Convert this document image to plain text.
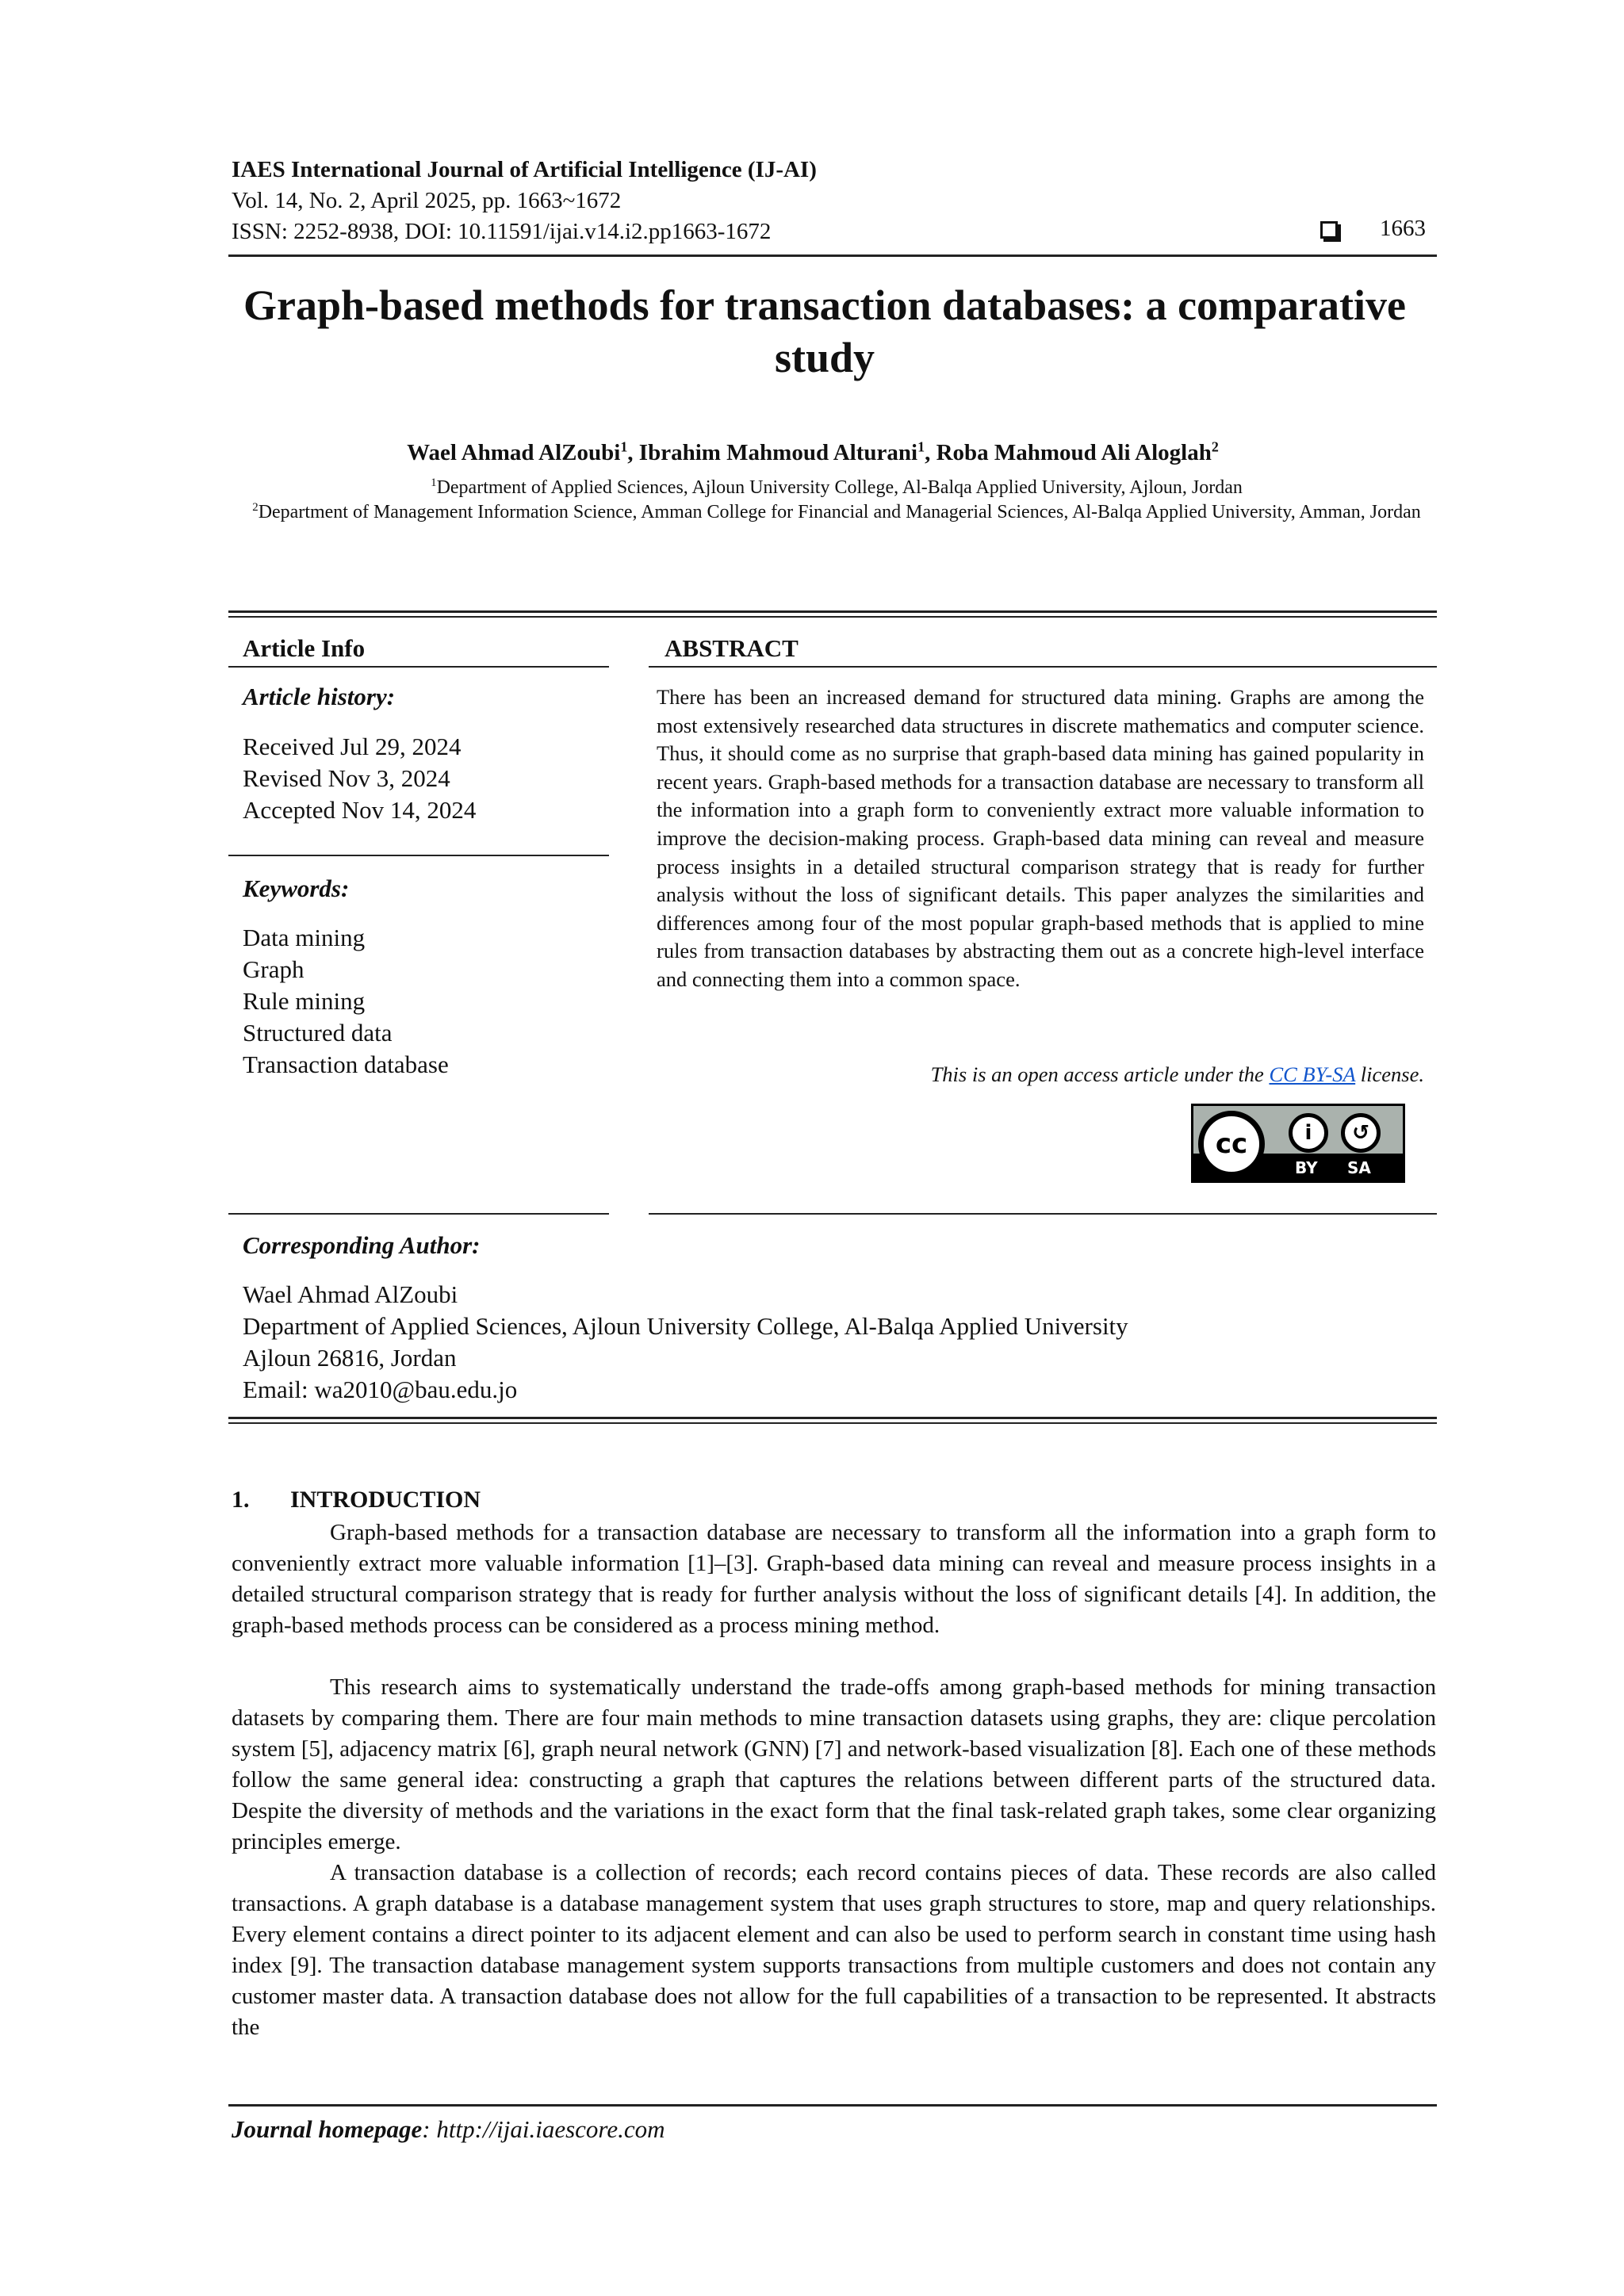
IAES International Journal of Artificial Intelligence (IJ-AI)
Vol. 14, No. 2, April 2025, pp. 1663~1672
ISSN: 2252-8938, DOI: 10.11591/ijai.v14.i2.pp1663-1672	1663
Graph-based methods for transaction databases: a comparative study
Wael Ahmad AlZoubi$^1$, Ibrahim Mahmoud Alturani$^1$, Roba Mahmoud Ali Aloglah$^2$
$^1$Department of Applied Sciences, Ajloun University College, Al-Balqa Applied University, Ajloun, Jordan
$^2$Department of Management Information Science, Amman College for Financial and Managerial Sciences, Al-Balqa Applied University, Amman, Jordan
Article Info
Article history:
Received Jul 29, 2024
Revised Nov 3, 2024
Accepted Nov 14, 2024
Keywords:
Data mining
Graph
Rule mining
Structured data
Transaction database
ABSTRACT
There has been an increased demand for structured data mining. Graphs are among the most extensively researched data structures in discrete mathematics and computer science. Thus, it should come as no surprise that graph-based data mining has gained popularity in recent years. Graph-based methods for a transaction database are necessary to transform all the information into a graph form to conveniently extract more valuable information to improve the decision-making process. Graph-based data mining can reveal and measure process insights in a detailed structural comparison strategy that is ready for further analysis without the loss of significant details. This paper analyzes the similarities and differences among four of the most popular graph-based methods that is applied to mine rules from transaction databases by abstracting them out as a concrete high-level interface and connecting them into a common space.
This is an open access article under the CC BY-SA license.
cc	i	↺
BY SA
Corresponding Author:
Wael Ahmad AlZoubi
Department of Applied Sciences, Ajloun University College, Al-Balqa Applied University
Ajloun 26816, Jordan
Email: wa2010@bau.edu.jo
1. INTRODUCTION
Graph-based methods for a transaction database are necessary to transform all the information into a graph form to conveniently extract more valuable information [1]–[3]. Graph-based data mining can reveal and measure process insights in a detailed structural comparison strategy that is ready for further analysis without the loss of significant details [4]. In addition, the graph-based methods process can be considered as a process mining method.
This research aims to systematically understand the trade-offs among graph-based methods for mining transaction datasets by comparing them. There are four main methods to mine transaction datasets using graphs, they are: clique percolation system [5], adjacency matrix [6], graph neural network (GNN) [7] and network-based visualization [8]. Each one of these methods follow the same general idea: constructing a graph that captures the relations between different parts of the structured data. Despite the diversity of methods and the variations in the exact form that the final task-related graph takes, some clear organizing principles emerge.
A transaction database is a collection of records; each record contains pieces of data. These records are also called transactions. A graph database is a database management system that uses graph structures to store, map and query relationships. Every element contains a direct pointer to its adjacent element and can also be used to perform search in constant time using hash index [9]. The transaction database management system supports transactions from multiple customers and does not contain any customer master data. A transaction database does not allow for the full capabilities of a transaction to be represented. It abstracts the
Journal homepage: http://ijai.iaescore.com
